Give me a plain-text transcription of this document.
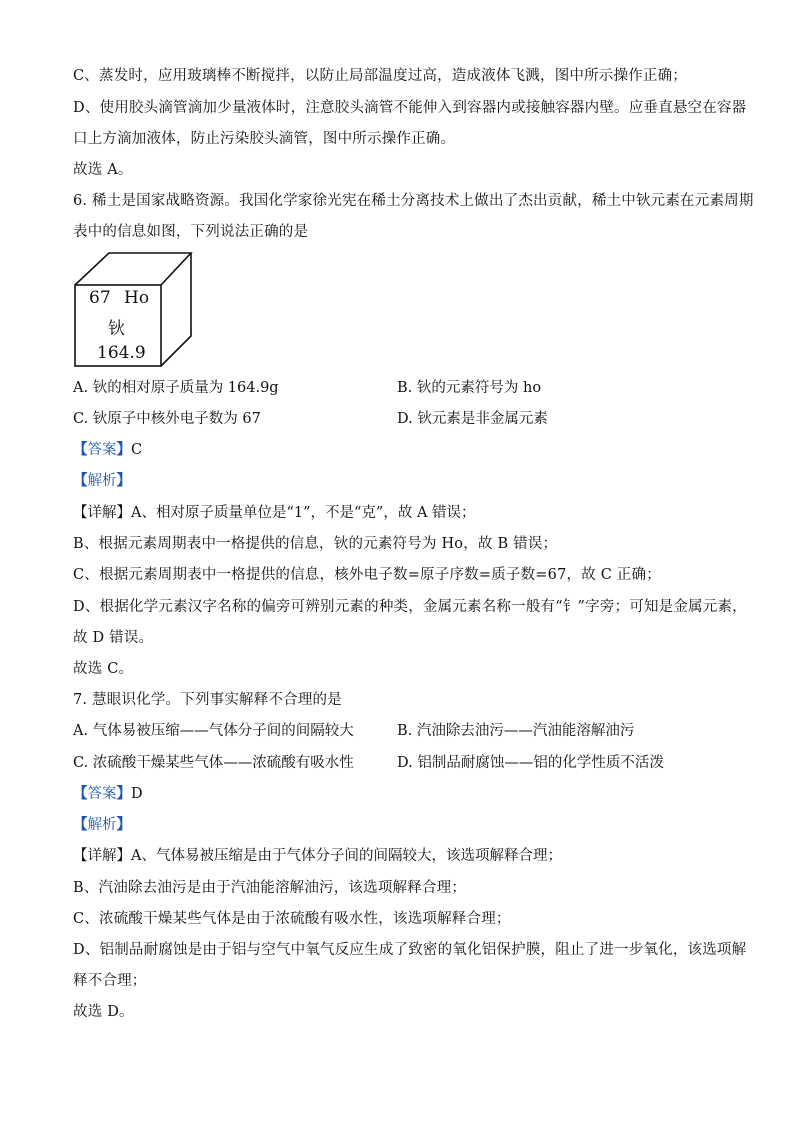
C、蒸发时，应用玻璃棒不断搅拌，以防止局部温度过高，造成液体飞溅，图中所示操作正确；
D、使用胶头滴管滴加少量液体时，注意胶头滴管不能伸入到容器内或接触容器内壁。应垂直悬空在容器
口上方滴加液体，防止污染胶头滴管，图中所示操作正确。
故选 A。
6. 稀土是国家战略资源。我国化学家徐光宪在稀土分离技术上做出了杰出贡献，稀土中钬元素在元素周期
表中的信息如图，下列说法正确的是
67 Ho
钬
164.9
A. 钬的相对原子质量为 164.9g	B. 钬的元素符号为 ho
C. 钬原子中核外电子数为 67	D. 钬元素是非金属元素
【答案】C
【解析】
【详解】A、相对原子质量单位是“1”，不是“克”，故 A 错误；
B、根据元素周期表中一格提供的信息，钬的元素符号为 Ho，故 B 错误；
C、根据元素周期表中一格提供的信息，核外电子数=原子序数=质子数=67，故 C 正确；
D、根据化学元素汉字名称的偏旁可辨别元素的种类，金属元素名称一般有“钅”字旁；可知是金属元素，
故 D 错误。
故选 C。
7. 慧眼识化学。下列事实解释不合理的是
A. 气体易被压缩——气体分子间的间隔较大	B. 汽油除去油污——汽油能溶解油污
C. 浓硫酸干燥某些气体——浓硫酸有吸水性	D. 铝制品耐腐蚀——铝的化学性质不活泼
【答案】D
【解析】
【详解】A、气体易被压缩是由于气体分子间的间隔较大，该选项解释合理；
B、汽油除去油污是由于汽油能溶解油污，该选项解释合理；
C、浓硫酸干燥某些气体是由于浓硫酸有吸水性，该选项解释合理；
D、铝制品耐腐蚀是由于铝与空气中氧气反应生成了致密的氧化铝保护膜，阻止了进一步氧化，该选项解
释不合理；
故选 D。
